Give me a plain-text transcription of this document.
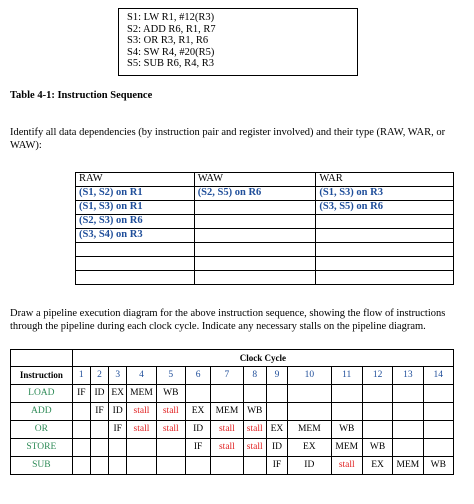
S1: LW R1, #12(R3)
S2: ADD R6, R1, R7
S3: OR R3, R1, R6
S4: SW R4, #20(R5)
S5: SUB R6, R4, R3
Table 4-1: Instruction Sequence
Identify all data dependencies (by instruction pair and register involved) and their type (RAW, WAR, or WAW):
RAW	WAW	WAR
(S1, S2) on R1	(S2, S5) on R6	(S1, S3) on R3
(S1, S3) on R1		(S3, S5) on R6
(S2, S3) on R6		
(S3, S4) on R3		

Draw a pipeline execution diagram for the above instruction sequence, showing the flow of instructions through the pipeline during each clock cycle. Indicate any necessary stalls on the pipeline diagram.
	Clock Cycle													
Instruction	1	2	3	4	5	6	7	8	9	10	11	12	13	14
LOAD	IF	ID	EX	MEM	WB									
ADD		IF	ID	stall	stall	EX	MEM	WB						
OR			IF	stall	stall	ID	stall	stall	EX	MEM	WB			
STORE						IF	stall	stall	ID	EX	MEM	WB		
SUB									IF	ID	stall	EX	MEM	WB
